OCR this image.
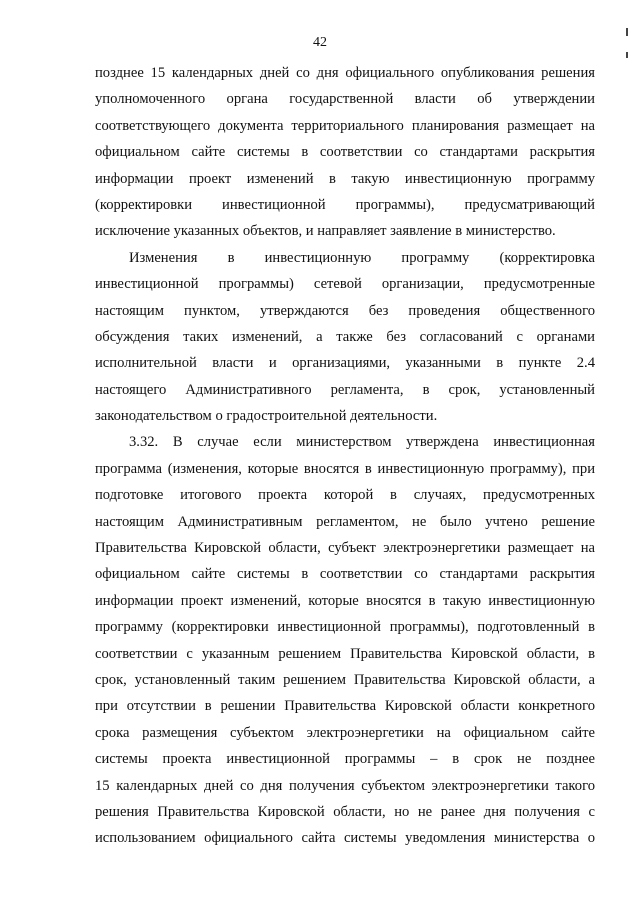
42
позднее 15 календарных дней со дня официального опубликования решения
уполномоченного органа государственной власти об утверждении
соответствующего документа территориального планирования размещает на
официальном сайте системы в соответствии со стандартами раскрытия
информации проект изменений в такую инвестиционную программу
(корректировки инвестиционной программы), предусматривающий
исключение указанных объектов, и направляет заявление в министерство.
Изменения в инвестиционную программу (корректировка
инвестиционной программы) сетевой организации, предусмотренные
настоящим пунктом, утверждаются без проведения общественного
обсуждения таких изменений, а также без согласований с органами
исполнительной власти и организациями, указанными в пункте 2.4
настоящего Административного регламента, в срок, установленный
законодательством о градостроительной деятельности.
3.32. В случае если министерством утверждена инвестиционная
программа (изменения, которые вносятся в инвестиционную программу), при
подготовке итогового проекта которой в случаях, предусмотренных
настоящим Административным регламентом, не было учтено решение
Правительства Кировской области, субъект электроэнергетики размещает на
официальном сайте системы в соответствии со стандартами раскрытия
информации проект изменений, которые вносятся в такую инвестиционную
программу (корректировки инвестиционной программы), подготовленный в
соответствии с указанным решением Правительства Кировской области, в
срок, установленный таким решением Правительства Кировской области, а
при отсутствии в решении Правительства Кировской области конкретного
срока размещения субъектом электроэнергетики на официальном сайте
системы проекта инвестиционной программы – в срок не позднее
15 календарных дней со дня получения субъектом электроэнергетики такого
решения Правительства Кировской области, но не ранее дня получения с
использованием официального сайта системы уведомления министерства о
